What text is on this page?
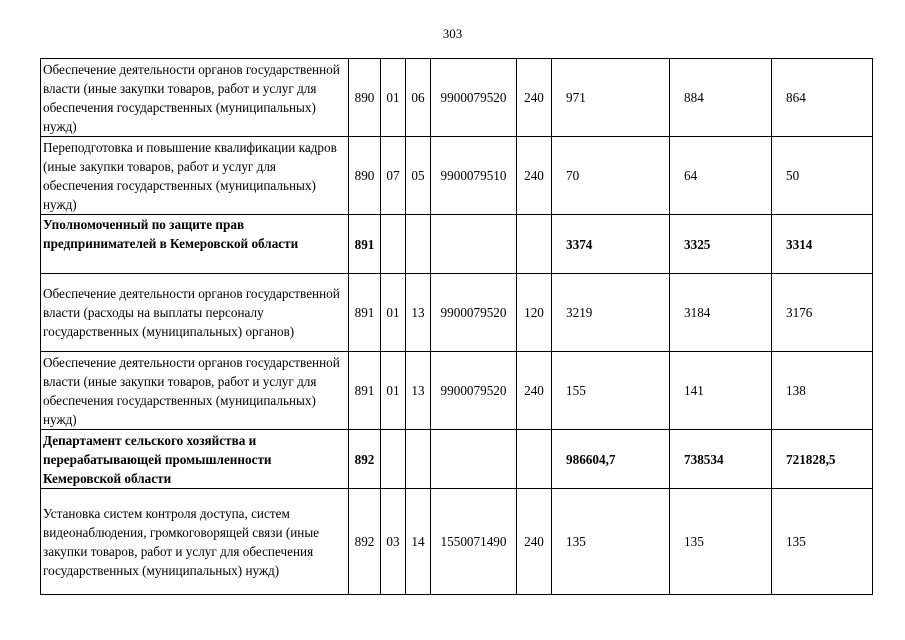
303
Обеспечение деятельности органов государственной власти (иные закупки товаров, работ и услуг для обеспечения государственных (муниципальных) нужд)	890	01	06	9900079520	240	971	884	864
Переподготовка и повышение квалификации кадров (иные закупки товаров, работ и услуг для обеспечения государственных (муниципальных) нужд)	890	07	05	9900079510	240	70	64	50
Уполномоченный по защите прав предпринимателей в Кемеровской области	891					3374	3325	3314
Обеспечение деятельности органов государственной власти (расходы на выплаты персоналу государственных (муниципальных) органов)	891	01	13	9900079520	120	3219	3184	3176
Обеспечение деятельности органов государственной власти (иные закупки товаров, работ и услуг для обеспечения государственных (муниципальных) нужд)	891	01	13	9900079520	240	155	141	138
Департамент сельского хозяйства и перерабатывающей промышленности Кемеровской области	892					986604,7	738534	721828,5
Установка систем контроля доступа, систем видеонаблюдения, громкоговорящей связи (иные закупки товаров, работ и услуг для обеспечения государственных (муниципальных) нужд)	892	03	14	1550071490	240	135	135	135
